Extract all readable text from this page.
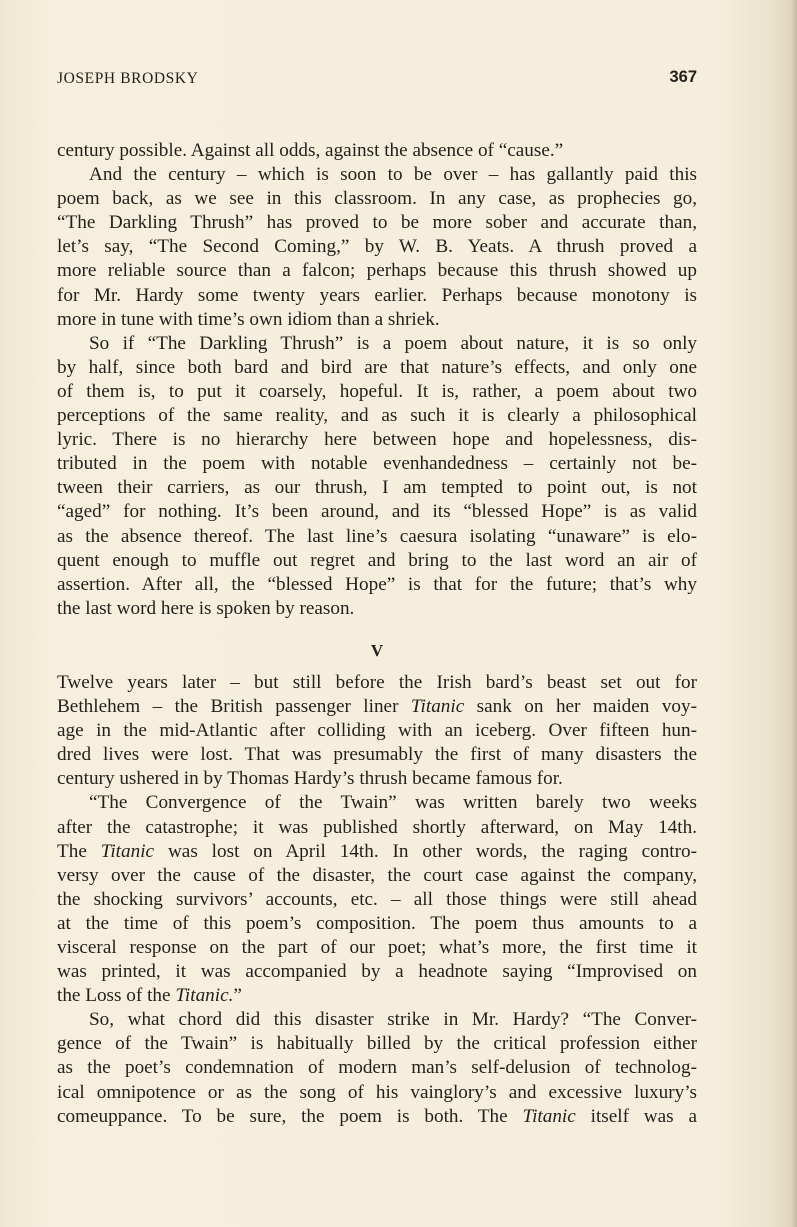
JOSEPH BRODSKY	367
century possible. Against all odds, against the absence of “cause.”
And the century – which is soon to be over – has gallantly paid this
poem back, as we see in this classroom. In any case, as prophecies go,
“The Darkling Thrush” has proved to be more sober and accurate than,
let’s say, “The Second Coming,” by W. B. Yeats. A thrush proved a
more reliable source than a falcon; perhaps because this thrush showed up
for Mr. Hardy some twenty years earlier. Perhaps because monotony is
more in tune with time’s own idiom than a shriek.
So if “The Darkling Thrush” is a poem about nature, it is so only
by half, since both bard and bird are that nature’s effects, and only one
of them is, to put it coarsely, hopeful. It is, rather, a poem about two
perceptions of the same reality, and as such it is clearly a philosophical
lyric. There is no hierarchy here between hope and hopelessness, dis-
tributed in the poem with notable evenhandedness – certainly not be-
tween their carriers, as our thrush, I am tempted to point out, is not
“aged” for nothing. It’s been around, and its “blessed Hope” is as valid
as the absence thereof. The last line’s caesura isolating “unaware” is elo-
quent enough to muffle out regret and bring to the last word an air of
assertion. After all, the “blessed Hope” is that for the future; that’s why
the last word here is spoken by reason.
V
Twelve years later – but still before the Irish bard’s beast set out for
Bethlehem – the British passenger liner Titanic sank on her maiden voy-
age in the mid-Atlantic after colliding with an iceberg. Over fifteen hun-
dred lives were lost. That was presumably the first of many disasters the
century ushered in by Thomas Hardy’s thrush became famous for.
“The Convergence of the Twain” was written barely two weeks
after the catastrophe; it was published shortly afterward, on May 14th.
The Titanic was lost on April 14th. In other words, the raging contro-
versy over the cause of the disaster, the court case against the company,
the shocking survivors’ accounts, etc. – all those things were still ahead
at the time of this poem’s composition. The poem thus amounts to a
visceral response on the part of our poet; what’s more, the first time it
was printed, it was accompanied by a headnote saying “Improvised on
the Loss of the Titanic.”
So, what chord did this disaster strike in Mr. Hardy? “The Conver-
gence of the Twain” is habitually billed by the critical profession either
as the poet’s condemnation of modern man’s self-delusion of technolog-
ical omnipotence or as the song of his vainglory’s and excessive luxury’s
comeuppance. To be sure, the poem is both. The Titanic itself was a
